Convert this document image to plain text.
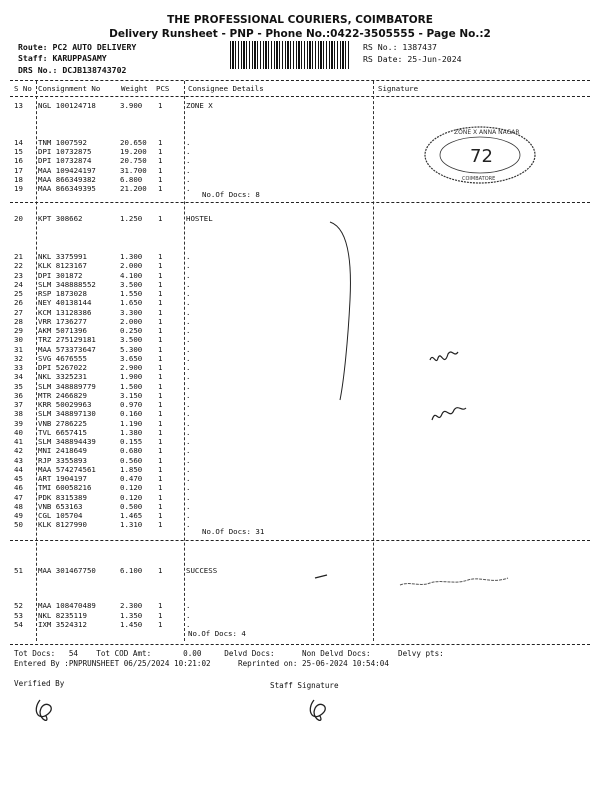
THE PROFESSIONAL COURIERS, COIMBATORE
Delivery Runsheet - PNP - Phone No.:0422-3505555 - Page No.:2
Route: PC2 AUTO DELIVERY
Staff: KARUPPASAMY
DRS No.: DCJB138743702
RS No.: 1387437
RS Date: 25-Jun-2024
S No Consignment No	Weight PCS	Consignee Details	Signature
13 NGL 100124718	3.900 1	ZONE X
14 TNM 1007592	20.650 1	.
15 DPI 10732875	19.200 1	.
16 DPI 10732874	20.750 1	.
17 MAA 109424197	31.700 1	.
18 MAA 866349382	6.800 1	.
19 MAA 866349395	21.200 1	.
No.Of Docs: 8
20 KPT 308662	1.250 1	HOSTEL
21 NKL 3375991	1.300 1	.
22 KLK 8123167	2.000 1	.
23 DPI 301872	4.100 1	.
24 SLM 348888552	3.500 1	.
25 RSP 1873028	1.550 1	.
26 NEY 40138144	1.650 1	.
27 KCM 13128386	3.300 1	.
28 VRR 1736277	2.000 1	.
29 AKM 5071396	0.250 1	.
30 TRZ 275129181	3.500 1	.
31 MAA 573373647	5.300 1	.
32 SVG 4676555	3.650 1	.
33 DPI 5267022	2.900 1	.
34 NKL 3325231	1.900 1	.
35 SLM 348889779	1.500 1	.
36 MTR 2466829	3.150 1	.
37 KRR 50029963	0.970 1	.
38 SLM 348897130	0.160 1	.
39 VNB 2786225	1.190 1	.
40 TVL 6657415	1.380 1	.
41 SLM 348894439	0.155 1	.
42 MNI 2418649	0.680 1	.
43 RJP 3355893	0.560 1	.
44 MAA 574274561	1.850 1	.
45 ART 1904197	0.470 1	.
46 TMI 60058216	0.120 1	.
47 PDK 8315389	0.120 1	.
48 VNB 653163	0.500 1	.
49 CGL 105704	1.465 1	.
50 KLK 8127990	1.310 1	.
No.Of Docs: 31
51 MAA 301467750	6.100 1	SUCCESS
52 MAA 108470489	2.300 1	.
53 NKL 8235119	1.350 1	.
54 IXM 3524312	1.450 1	.
No.Of Docs: 4
ZONE X ANNA NAGAR
COIMBATORE
72
Tot Docs:   54    Tot COD Amt:       0.00     Delvd Docs:      Non Delvd Docs:      Delvy pts:
Entered By :PNPRUNSHEET 06/25/2024 10:21:02      Reprinted on: 25-06-2024 10:54:04
Verified By	Staff Signature
